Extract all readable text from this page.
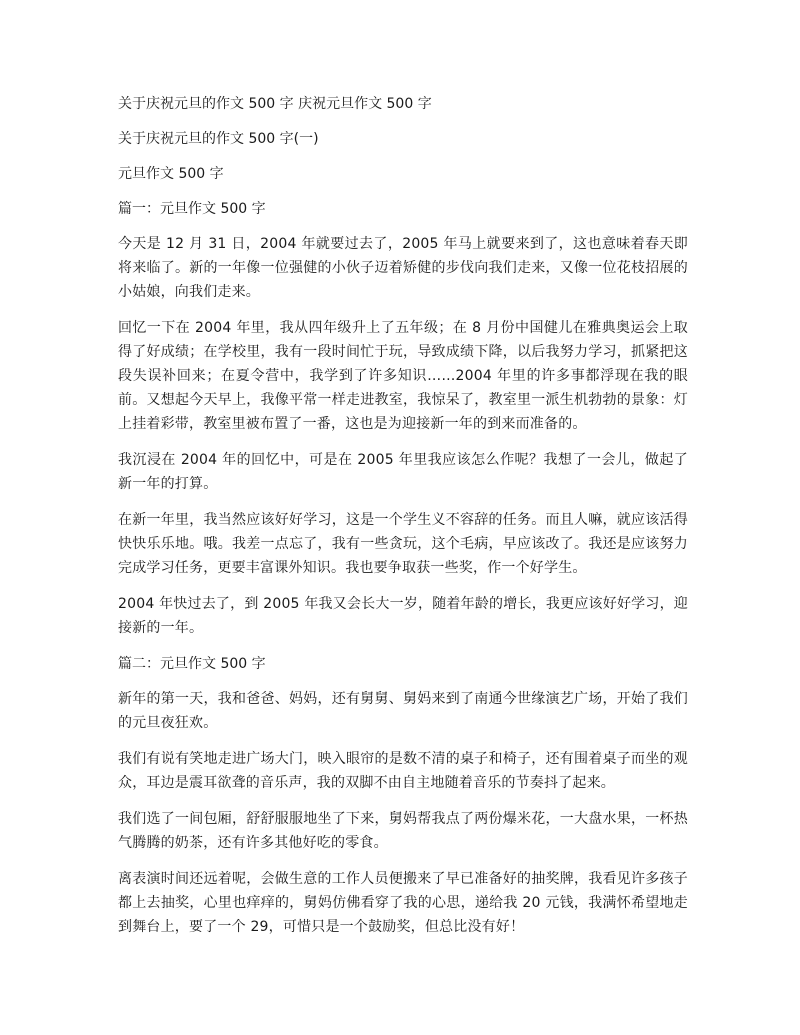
关于庆祝元旦的作文 500 字 庆祝元旦作文 500 字
关于庆祝元旦的作文 500 字(一)
元旦作文 500 字
篇一：元旦作文 500 字
今天是 12 月 31 日，2004 年就要过去了，2005 年马上就要来到了，这也意味着春天即将来临了。新的一年像一位强健的小伙子迈着矫健的步伐向我们走来，又像一位花枝招展的小姑娘，向我们走来。
回忆一下在 2004 年里，我从四年级升上了五年级；在 8 月份中国健儿在雅典奥运会上取得了好成绩；在学校里，我有一段时间忙于玩，导致成绩下降，以后我努力学习，抓紧把这段失误补回来；在夏令营中，我学到了许多知识……2004 年里的许多事都浮现在我的眼前。又想起今天早上，我像平常一样走进教室，我惊呆了，教室里一派生机勃勃的景象：灯上挂着彩带，教室里被布置了一番，这也是为迎接新一年的到来而准备的。
我沉浸在 2004 年的回忆中，可是在 2005 年里我应该怎么作呢？我想了一会儿，做起了新一年的打算。
在新一年里，我当然应该好好学习，这是一个学生义不容辞的任务。而且人嘛，就应该活得快快乐乐地。哦。我差一点忘了，我有一些贪玩，这个毛病，早应该改了。我还是应该努力完成学习任务，更要丰富课外知识。我也要争取获一些奖，作一个好学生。
2004 年快过去了，到 2005 年我又会长大一岁，随着年龄的增长，我更应该好好学习，迎接新的一年。
篇二：元旦作文 500 字
新年的第一天，我和爸爸、妈妈，还有舅舅、舅妈来到了南通今世缘演艺广场，开始了我们的元旦夜狂欢。
我们有说有笑地走进广场大门，映入眼帘的是数不清的桌子和椅子，还有围着桌子而坐的观众，耳边是震耳欲聋的音乐声，我的双脚不由自主地随着音乐的节奏抖了起来。
我们选了一间包厢，舒舒服服地坐了下来，舅妈帮我点了两份爆米花，一大盘水果，一杯热气腾腾的奶茶，还有许多其他好吃的零食。
离表演时间还远着呢，会做生意的工作人员便搬来了早已准备好的抽奖牌，我看见许多孩子都上去抽奖，心里也痒痒的，舅妈仿佛看穿了我的心思，递给我 20 元钱，我满怀希望地走到舞台上，要了一个 29，可惜只是一个鼓励奖，但总比没有好！
